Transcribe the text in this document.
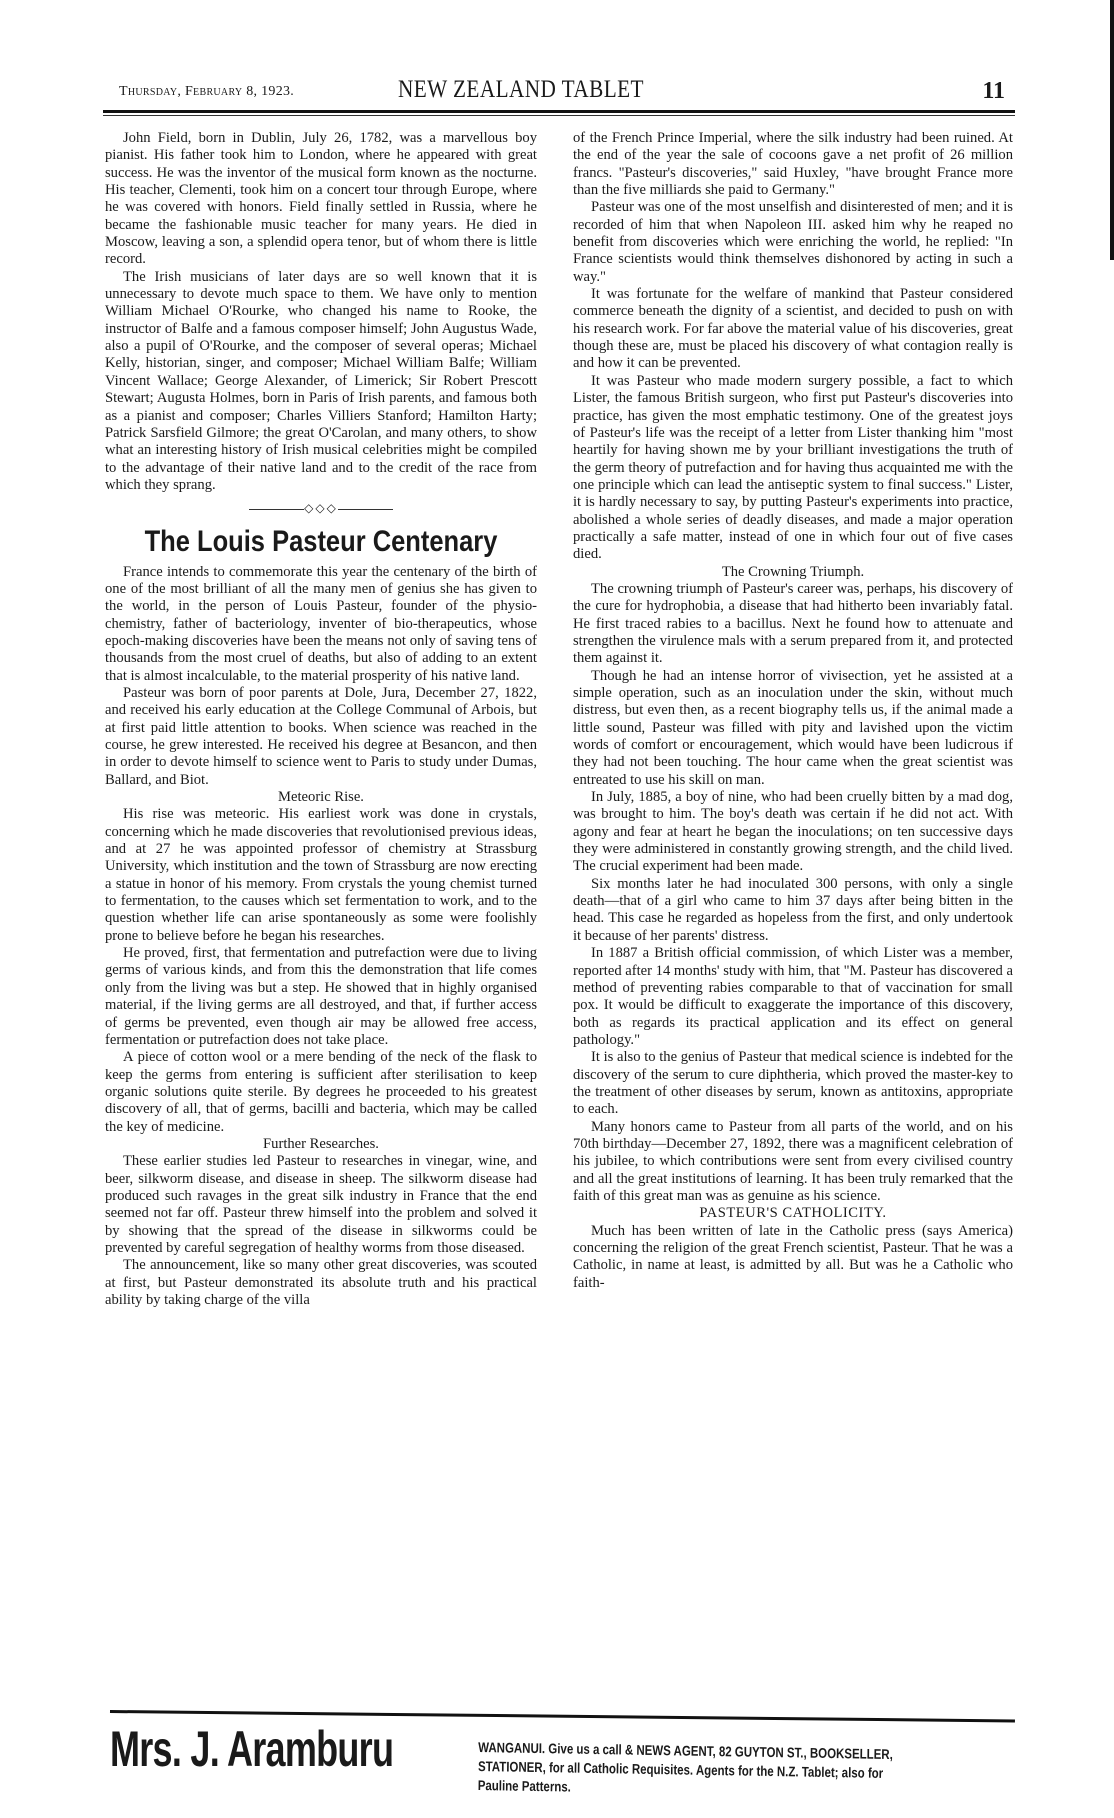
Thursday, February 8, 1923.	NEW ZEALAND TABLET	11

John Field, born in Dublin, July 26, 1782, was a marvellous boy pianist. His father took him to London, where he appeared with great success. He was the inventor of the musical form known as the nocturne. His teacher, Clementi, took him on a concert tour through Europe, where he was covered with honors. Field finally settled in Russia, where he became the fashionable music teacher for many years. He died in Moscow, leaving a son, a splendid opera tenor, but of whom there is little record.

The Irish musicians of later days are so well known that it is unnecessary to devote much space to them. We have only to mention William Michael O'Rourke, who changed his name to Rooke, the instructor of Balfe and a famous composer himself; John Augustus Wade, also a pupil of O'Rourke, and the composer of several operas; Michael Kelly, historian, singer, and composer; Michael William Balfe; William Vincent Wallace; George Alexander, of Limerick; Sir Robert Prescott Stewart; Augusta Holmes, born in Paris of Irish parents, and famous both as a pianist and composer; Charles Villiers Stanford; Hamilton Harty; Patrick Sarsfield Gilmore; the great O'Carolan, and many others, to show what an interesting history of Irish musical celebrities might be compiled to the advantage of their native land and to the credit of the race from which they sprang.

◇◇◇
The Louis Pasteur Centenary

France intends to commemorate this year the centenary of the birth of one of the most brilliant of all the many men of genius she has given to the world, in the person of Louis Pasteur, founder of the physio-chemistry, father of bacteriology, inventer of bio-therapeutics, whose epoch-making discoveries have been the means not only of saving tens of thousands from the most cruel of deaths, but also of adding to an extent that is almost incalculable, to the material prosperity of his native land.

Pasteur was born of poor parents at Dole, Jura, December 27, 1822, and received his early education at the College Communal of Arbois, but at first paid little attention to books. When science was reached in the course, he grew interested. He received his degree at Besancon, and then in order to devote himself to science went to Paris to study under Dumas, Ballard, and Biot.

Meteoric Rise.

His rise was meteoric. His earliest work was done in crystals, concerning which he made discoveries that revolutionised previous ideas, and at 27 he was appointed professor of chemistry at Strassburg University, which institution and the town of Strassburg are now erecting a statue in honor of his memory. From crystals the young chemist turned to fermentation, to the causes which set fermentation to work, and to the question whether life can arise spontaneously as some were foolishly prone to believe before he began his researches.

He proved, first, that fermentation and putrefaction were due to living germs of various kinds, and from this the demonstration that life comes only from the living was but a step. He showed that in highly organised material, if the living germs are all destroyed, and that, if further access of germs be prevented, even though air may be allowed free access, fermentation or putrefaction does not take place.

A piece of cotton wool or a mere bending of the neck of the flask to keep the germs from entering is sufficient after sterilisation to keep organic solutions quite sterile. By degrees he proceeded to his greatest discovery of all, that of germs, bacilli and bacteria, which may be called the key of medicine.

Further Researches.

These earlier studies led Pasteur to researches in vinegar, wine, and beer, silkworm disease, and disease in sheep. The silkworm disease had produced such ravages in the great silk industry in France that the end seemed not far off. Pasteur threw himself into the problem and solved it by showing that the spread of the disease in silkworms could be prevented by careful segregation of healthy worms from those diseased.

The announcement, like so many other great discoveries, was scouted at first, but Pasteur demonstrated its absolute truth and his practical ability by taking charge of the villa

of the French Prince Imperial, where the silk industry had been ruined. At the end of the year the sale of cocoons gave a net profit of 26 million francs. "Pasteur's discoveries," said Huxley, "have brought France more than the five milliards she paid to Germany."

Pasteur was one of the most unselfish and disinterested of men; and it is recorded of him that when Napoleon III. asked him why he reaped no benefit from discoveries which were enriching the world, he replied: "In France scientists would think themselves dishonored by acting in such a way."

It was fortunate for the welfare of mankind that Pasteur considered commerce beneath the dignity of a scientist, and decided to push on with his research work. For far above the material value of his discoveries, great though these are, must be placed his discovery of what contagion really is and how it can be prevented.

It was Pasteur who made modern surgery possible, a fact to which Lister, the famous British surgeon, who first put Pasteur's discoveries into practice, has given the most emphatic testimony. One of the greatest joys of Pasteur's life was the receipt of a letter from Lister thanking him "most heartily for having shown me by your brilliant investigations the truth of the germ theory of putrefaction and for having thus acquainted me with the one principle which can lead the antiseptic system to final success." Lister, it is hardly necessary to say, by putting Pasteur's experiments into practice, abolished a whole series of deadly diseases, and made a major operation practically a safe matter, instead of one in which four out of five cases died.

The Crowning Triumph.

The crowning triumph of Pasteur's career was, perhaps, his discovery of the cure for hydrophobia, a disease that had hitherto been invariably fatal. He first traced rabies to a bacillus. Next he found how to attenuate and strengthen the virulence mals with a serum prepared from it, and protected them against it.

Though he had an intense horror of vivisection, yet he assisted at a simple operation, such as an inoculation under the skin, without much distress, but even then, as a recent biography tells us, if the animal made a little sound, Pasteur was filled with pity and lavished upon the victim words of comfort or encouragement, which would have been ludicrous if they had not been touching. The hour came when the great scientist was entreated to use his skill on man.

In July, 1885, a boy of nine, who had been cruelly bitten by a mad dog, was brought to him. The boy's death was certain if he did not act. With agony and fear at heart he began the inoculations; on ten successive days they were administered in constantly growing strength, and the child lived. The crucial experiment had been made.

Six months later he had inoculated 300 persons, with only a single death—that of a girl who came to him 37 days after being bitten in the head. This case he regarded as hopeless from the first, and only undertook it because of her parents' distress.

In 1887 a British official commission, of which Lister was a member, reported after 14 months' study with him, that "M. Pasteur has discovered a method of preventing rabies comparable to that of vaccination for small pox. It would be difficult to exaggerate the importance of this discovery, both as regards its practical application and its effect on general pathology."

It is also to the genius of Pasteur that medical science is indebted for the discovery of the serum to cure diphtheria, which proved the master-key to the treatment of other diseases by serum, known as antitoxins, appropriate to each.

Many honors came to Pasteur from all parts of the world, and on his 70th birthday—December 27, 1892, there was a magnificent celebration of his jubilee, to which contributions were sent from every civilised country and all the great institutions of learning. It has been truly remarked that the faith of this great man was as genuine as his science.

PASTEUR'S CATHOLICITY.

Much has been written of late in the Catholic press (says America) concerning the religion of the great French scientist, Pasteur. That he was a Catholic, in name at least, is admitted by all. But was he a Catholic who faith-

Mrs. J. Aramburu	WANGANUI. Give us a call & NEWS AGENT, 82 GUYTON ST., BOOKSELLER, STATIONER, for all Catholic Requisites. Agents for the N.Z. Tablet; also for Pauline Patterns.
